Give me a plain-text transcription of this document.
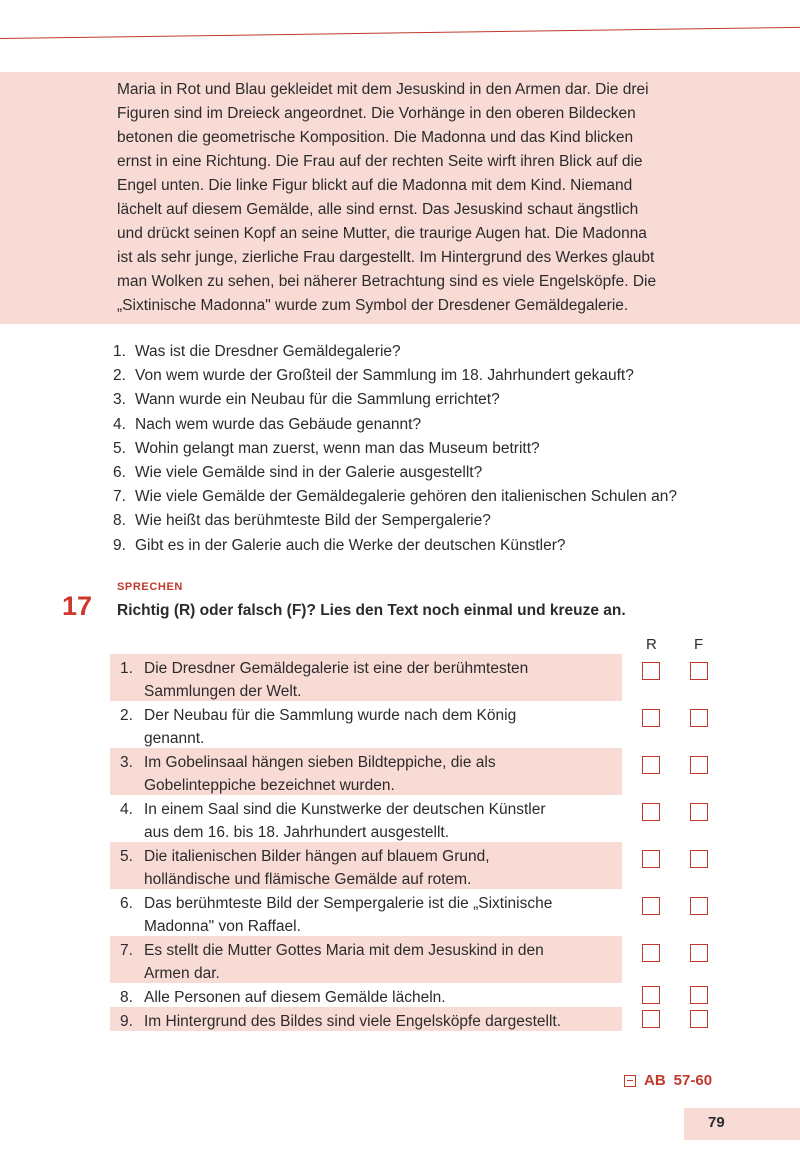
Maria in Rot und Blau gekleidet mit dem Jesuskind in den Armen dar. Die drei
Figuren sind im Dreieck angeordnet. Die Vorhänge in den oberen Bildecken
betonen die geometrische Komposition. Die Madonna und das Kind blicken
ernst in eine Richtung. Die Frau auf der rechten Seite wirft ihren Blick auf die
Engel unten. Die linke Figur blickt auf die Madonna mit dem Kind. Niemand
lächelt auf diesem Gemälde, alle sind ernst. Das Jesuskind schaut ängstlich
und drückt seinen Kopf an seine Mutter, die traurige Augen hat. Die Madonna
ist als sehr junge, zierliche Frau dargestellt. Im Hintergrund des Werkes glaubt
man Wolken zu sehen, bei näherer Betrachtung sind es viele Engelsköpfe. Die
„Sixtinische Madonna" wurde zum Symbol der Dresdener Gemäldegalerie.
1. Was ist die Dresdner Gemäldegalerie?
2. Von wem wurde der Großteil der Sammlung im 18. Jahrhundert gekauft?
3. Wann wurde ein Neubau für die Sammlung errichtet?
4. Nach wem wurde das Gebäude genannt?
5. Wohin gelangt man zuerst, wenn man das Museum betritt?
6. Wie viele Gemälde sind in der Galerie ausgestellt?
7. Wie viele Gemälde der Gemäldegalerie gehören den italienischen Schulen an?
8. Wie heißt das berühmteste Bild der Sempergalerie?
9. Gibt es in der Galerie auch die Werke der deutschen Künstler?
SPRECHEN
17 Richtig (R) oder falsch (F)? Lies den Text noch einmal und kreuze an.
R F
1. Die Dresdner Gemäldegalerie ist eine der berühmtesten
Sammlungen der Welt.
2. Der Neubau für die Sammlung wurde nach dem König
genannt.
3. Im Gobelinsaal hängen sieben Bildteppiche, die als
Gobelinteppiche bezeichnet wurden.
4. In einem Saal sind die Kunstwerke der deutschen Künstler
aus dem 16. bis 18. Jahrhundert ausgestellt.
5. Die italienischen Bilder hängen auf blauem Grund,
holländische und flämische Gemälde auf rotem.
6. Das berühmteste Bild der Sempergalerie ist die „Sixtinische
Madonna" von Raffael.
7. Es stellt die Mutter Gottes Maria mit dem Jesuskind in den
Armen dar.
8. Alle Personen auf diesem Gemälde lächeln.
9. Im Hintergrund des Bildes sind viele Engelsköpfe dargestellt.
AB 57-60
79
